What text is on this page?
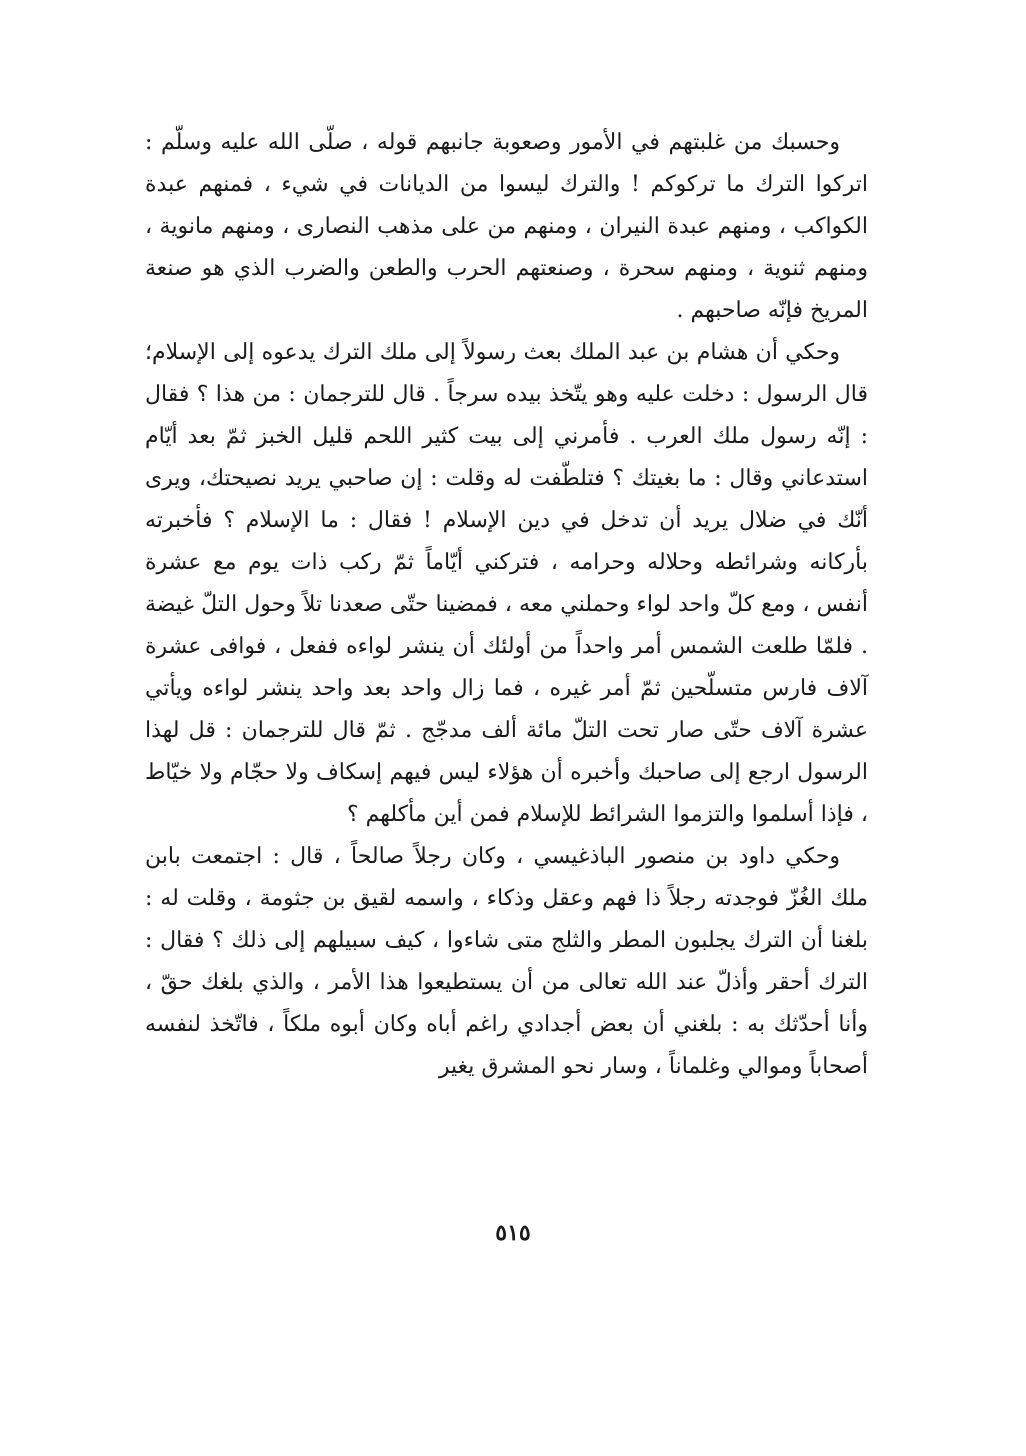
وحسبك من غلبتهم في الأمور وصعوبة جانبهم قوله ، صلّى الله عليه وسلّم : اتركوا الترك ما تركوكم ! والترك ليسوا من الديانات في شيء ، فمنهم عبدة الكواكب ، ومنهم عبدة النيران ، ومنهم من على مذهب النصارى ، ومنهم مانوية ، ومنهم ثنوية ، ومنهم سحرة ، وصنعتهم الحرب والطعن والضرب الذي هو صنعة المريخ فإنّه صاحبهم .

وحكي أن هشام بن عبد الملك بعث رسولاً إلى ملك الترك يدعوه إلى الإسلام؛ قال الرسول : دخلت عليه وهو يتّخذ بيده سرجاً . قال للترجمان : من هذا ؟ فقال : إنّه رسول ملك العرب . فأمرني إلى بيت كثير اللحم قليل الخبز ثمّ بعد أيّام استدعاني وقال : ما بغيتك ؟ فتلطّفت له وقلت : إن صاحبي يريد نصيحتك، ويرى أنّك في ضلال يريد أن تدخل في دين الإسلام ! فقال : ما الإسلام ؟ فأخبرته بأركانه وشرائطه وحلاله وحرامه ، فتركني أيّاماً ثمّ ركب ذات يوم مع عشرة أنفس ، ومع كلّ واحد لواء وحملني معه ، فمضينا حتّى صعدنا تلاً وحول التلّ غيضة . فلمّا طلعت الشمس أمر واحداً من أولئك أن ينشر لواءه ففعل ، فوافى عشرة آلاف فارس متسلّحين ثمّ أمر غيره ، فما زال واحد بعد واحد ينشر لواءه ويأتي عشرة آلاف حتّى صار تحت التلّ مائة ألف مدجّج . ثمّ قال للترجمان : قل لهذا الرسول ارجع إلى صاحبك وأخبره أن هؤلاء ليس فيهم إسكاف ولا حجّام ولا خيّاط ، فإذا أسلموا والتزموا الشرائط للإسلام فمن أين مأكلهم ؟

وحكي داود بن منصور الباذغيسي ، وكان رجلاً صالحاً ، قال : اجتمعت بابن ملك الغُزّ فوجدته رجلاً ذا فهم وعقل وذكاء ، واسمه لقيق بن جثومة ، وقلت له : بلغنا أن الترك يجلبون المطر والثلج متى شاءوا ، كيف سبيلهم إلى ذلك ؟ فقال : الترك أحقر وأذلّ عند الله تعالى من أن يستطيعوا هذا الأمر ، والذي بلغك حقّ ، وأنا أحدّثك به : بلغني أن بعض أجدادي راغم أباه وكان أبوه ملكاً ، فاتّخذ لنفسه أصحاباً وموالي وغلماناً ، وسار نحو المشرق يغير

٥١٥
